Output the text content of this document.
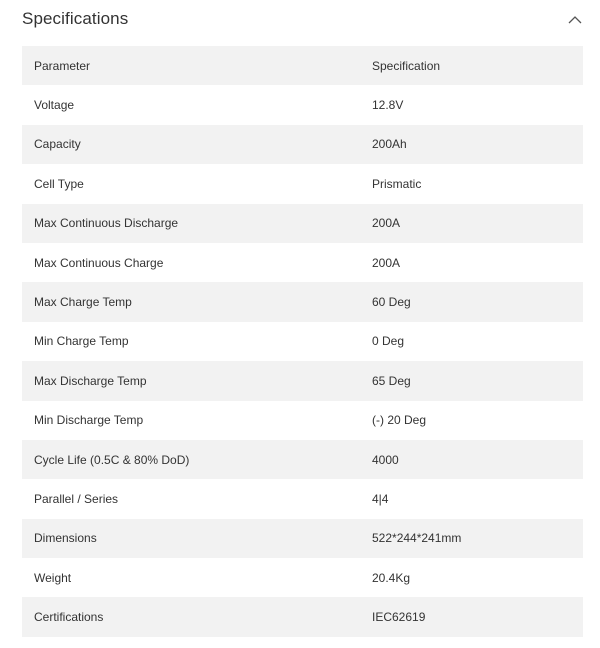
Specifications
Parameter	Specification
Voltage	12.8V
Capacity	200Ah
Cell Type	Prismatic
Max Continuous Discharge	200A
Max Continuous Charge	200A
Max Charge Temp	60 Deg
Min Charge Temp	0 Deg
Max Discharge Temp	65 Deg
Min Discharge Temp	(-) 20 Deg
Cycle Life (0.5C & 80% DoD)	4000
Parallel / Series	4|4
Dimensions	522*244*241mm
Weight	20.4Kg
Certifications	IEC62619
